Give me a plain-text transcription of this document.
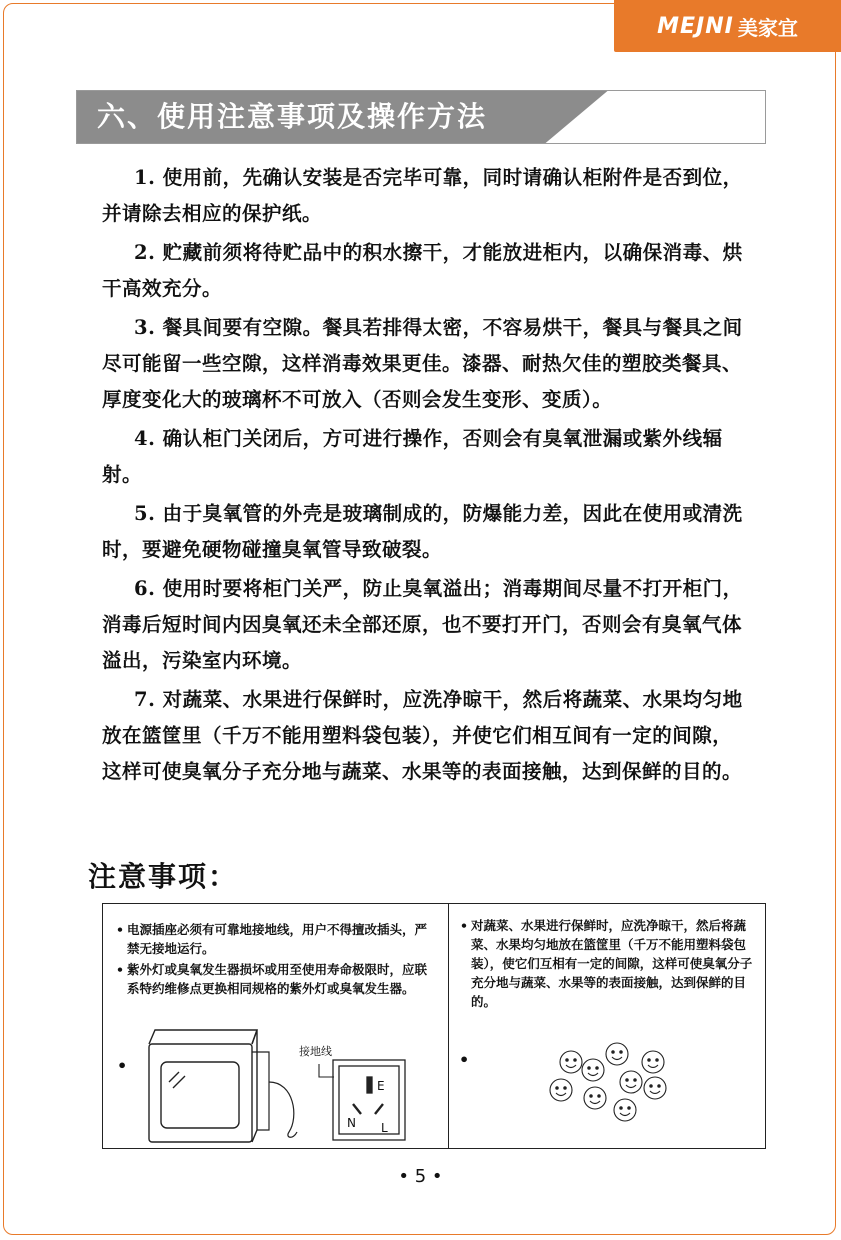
MEJNI 美家宜
六、使用注意事项及操作方法
1. 使用前，先确认安装是否完毕可靠，同时请确认柜附件是否到位，并请除去相应的保护纸。
2. 贮藏前须将待贮品中的积水擦干，才能放进柜内，以确保消毒、烘干高效充分。
3. 餐具间要有空隙。餐具若排得太密，不容易烘干，餐具与餐具之间尽可能留一些空隙，这样消毒效果更佳。漆器、耐热欠佳的塑胶类餐具、厚度变化大的玻璃杯不可放入（否则会发生变形、变质）。
4. 确认柜门关闭后，方可进行操作，否则会有臭氧泄漏或紫外线辐射。
5. 由于臭氧管的外壳是玻璃制成的，防爆能力差，因此在使用或清洗时，要避免硬物碰撞臭氧管导致破裂。
6. 使用时要将柜门关严，防止臭氧溢出；消毒期间尽量不打开柜门，消毒后短时间内因臭氧还未全部还原，也不要打开门，否则会有臭氧气体溢出，污染室内环境。
7. 对蔬菜、水果进行保鲜时，应洗净晾干，然后将蔬菜、水果均匀地放在篮筐里（千万不能用塑料袋包装），并使它们相互间有一定的间隙，这样可使臭氧分子充分地与蔬菜、水果等的表面接触，达到保鲜的目的。
注意事项：
• 电源插座必须有可靠地接地线，用户不得擅改插头，严禁无接地运行。
• 紫外灯或臭氧发生器损坏或用至使用寿命极限时，应联系特约维修点更换相同规格的紫外灯或臭氧发生器。
•
接地线
E
N L
• 对蔬菜、水果进行保鲜时，应洗净晾干，然后将蔬菜、水果均匀地放在篮筐里（千万不能用塑料袋包装），使它们互相有一定的间隙，这样可使臭氧分子充分地与蔬菜、水果等的表面接触，达到保鲜的目的。
•
• 5 •
